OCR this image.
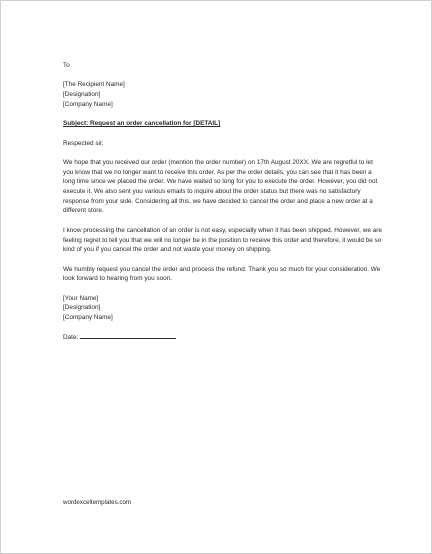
To

[The Recipient Name]

[Designation]

[Company Name]

Subject: Request an order cancellation for [DETAIL]

Respected sir,

We hope that you received our order (mention the order number) on 17th August 20XX. We are regretful to let you know that we no longer want to receive this order. As per the order details, you can see that it has been a long time since we placed the order. We have waited so long for you to execute the order. However, you did not execute it. We also sent you various emails to inquire about the order status but there was no satisfactory response from your side. Considering all this, we have decided to cancel the order and place a new order at a different store.

I know processing the cancellation of an order is not easy, especially when it has been shipped. However, we are feeling regret to tell you that we will no longer be in the position to receive this order and therefore, it would be so kind of you if you cancel the order and not waste your money on shipping.

We humbly request you cancel the order and process the refund. Thank you so much for your consideration. We look forward to hearing from you soon.

[Your Name]

[Designation]

[Company Name]

Date:

wordexceltemplates.com
